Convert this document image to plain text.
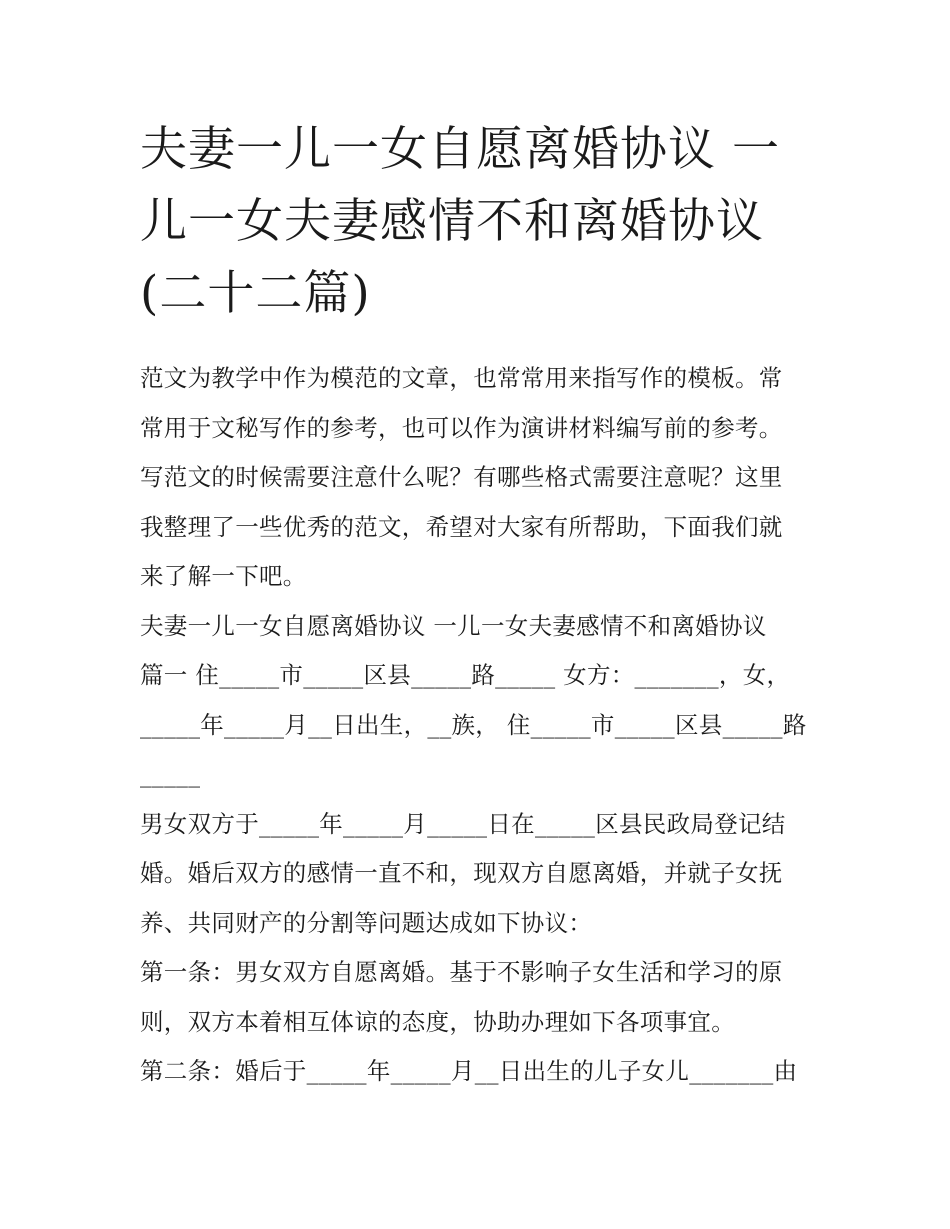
夫妻一儿一女自愿离婚协议 一
儿一女夫妻感情不和离婚协议
(二十二篇)
范文为教学中作为模范的文章，也常常用来指写作的模板。常
常用于文秘写作的参考，也可以作为演讲材料编写前的参考。
写范文的时候需要注意什么呢？有哪些格式需要注意呢？这里
我整理了一些优秀的范文，希望对大家有所帮助，下面我们就
来了解一下吧。
夫妻一儿一女自愿离婚协议 一儿一女夫妻感情不和离婚协议
篇一 住_____市_____区县_____路_____ 女方：_______，女，
_____年_____月__日出生，__族， 住_____市_____区县_____路
_____
男女双方于_____年_____月_____日在_____区县民政局登记结
婚。婚后双方的感情一直不和，现双方自愿离婚，并就子女抚
养、共同财产的分割等问题达成如下协议：
第一条：男女双方自愿离婚。基于不影响子女生活和学习的原
则，双方本着相互体谅的态度，协助办理如下各项事宜。
第二条：婚后于_____年_____月__日出生的儿子女儿_______由
